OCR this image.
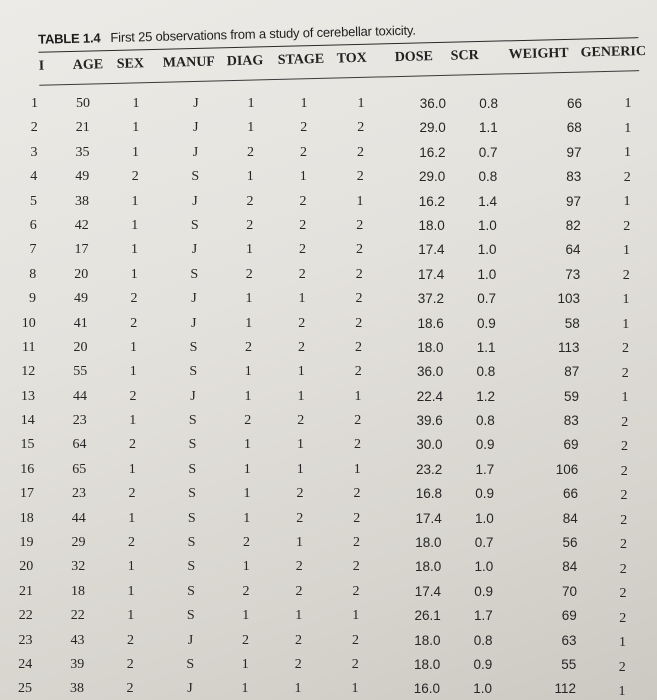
TABLE 1.4 First 25 observations from a study of cerebellar toxicity.
I AGE SEX MANUF DIAG STAGE TOX DOSE SCR WEIGHT GENERIC
1	50	1	J	1	1	1	36.0	0.8	66	1
2	21	1	J	1	2	2	29.0	1.1	68	1
3	35	1	J	2	2	2	16.2	0.7	97	1
4	49	2	S	1	1	2	29.0	0.8	83	2
5	38	1	J	2	2	1	16.2	1.4	97	1
6	42	1	S	2	2	2	18.0	1.0	82	2
7	17	1	J	1	2	2	17.4	1.0	64	1
8	20	1	S	2	2	2	17.4	1.0	73	2
9	49	2	J	1	1	2	37.2	0.7	103	1
10	41	2	J	1	2	2	18.6	0.9	58	1
11	20	1	S	2	2	2	18.0	1.1	113	2
12	55	1	S	1	1	2	36.0	0.8	87	2
13	44	2	J	1	1	1	22.4	1.2	59	1
14	23	1	S	2	2	2	39.6	0.8	83	2
15	64	2	S	1	1	2	30.0	0.9	69	2
16	65	1	S	1	1	1	23.2	1.7	106	2
17	23	2	S	1	2	2	16.8	0.9	66	2
18	44	1	S	1	2	2	17.4	1.0	84	2
19	29	2	S	2	1	2	18.0	0.7	56	2
20	32	1	S	1	2	2	18.0	1.0	84	2
21	18	1	S	2	2	2	17.4	0.9	70	2
22	22	1	S	1	1	1	26.1	1.7	69	2
23	43	2	J	2	2	2	18.0	0.8	63	1
24	39	2	S	1	2	2	18.0	0.9	55	2
25	38	2	J	1	1	1	16.0	1.0	112	1
